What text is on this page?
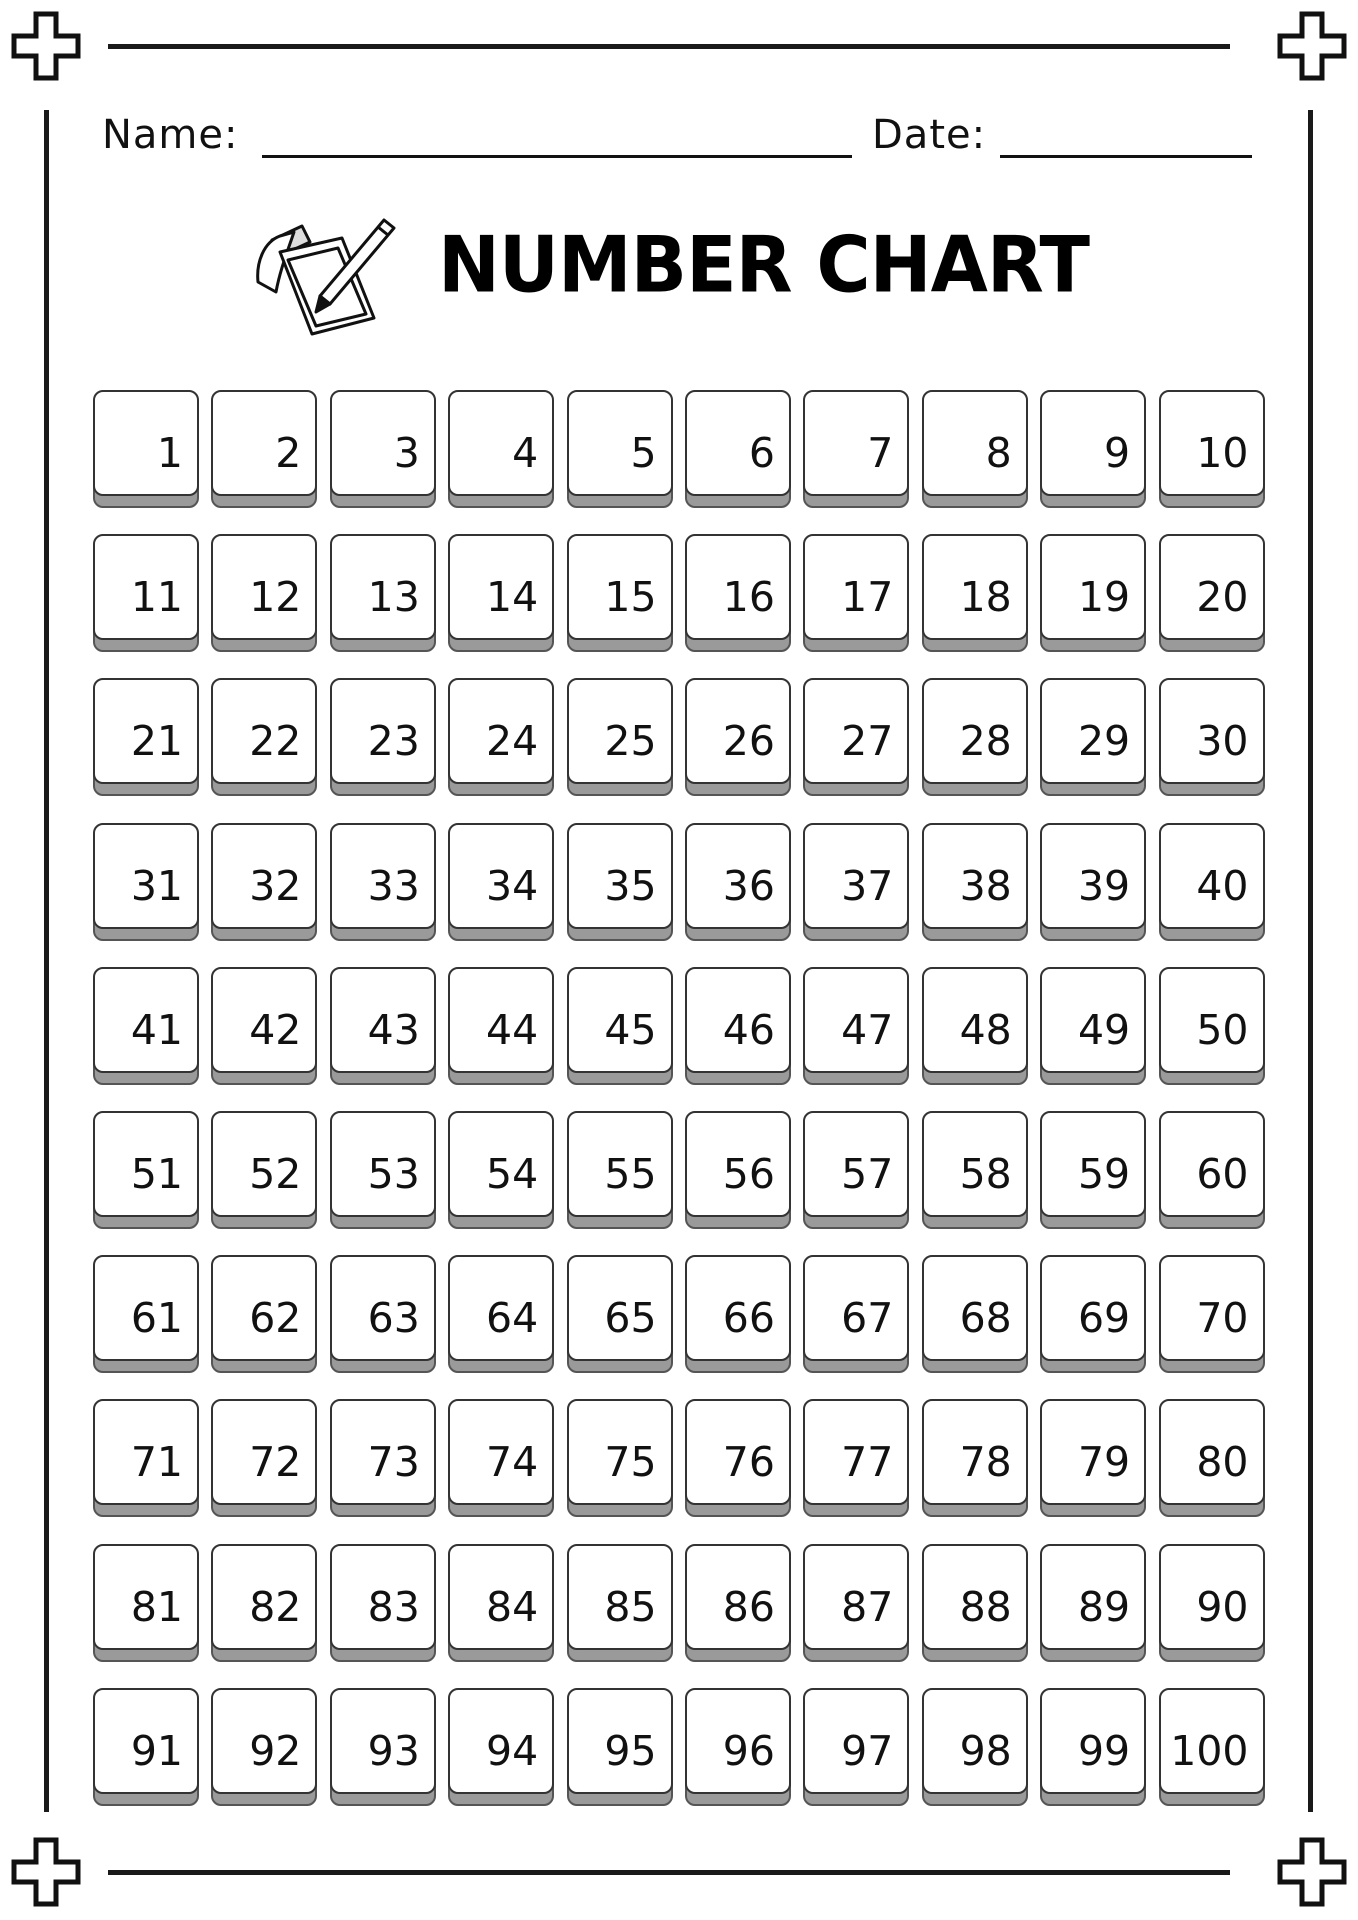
Name:	Date:
NUMBER CHART
1 2 3 4 5 6 7 8 9 10
11 12 13 14 15 16 17 18 19 20
21 22 23 24 25 26 27 28 29 30
31 32 33 34 35 36 37 38 39 40
41 42 43 44 45 46 47 48 49 50
51 52 53 54 55 56 57 58 59 60
61 62 63 64 65 66 67 68 69 70
71 72 73 74 75 76 77 78 79 80
81 82 83 84 85 86 87 88 89 90
91 92 93 94 95 96 97 98 99 100
